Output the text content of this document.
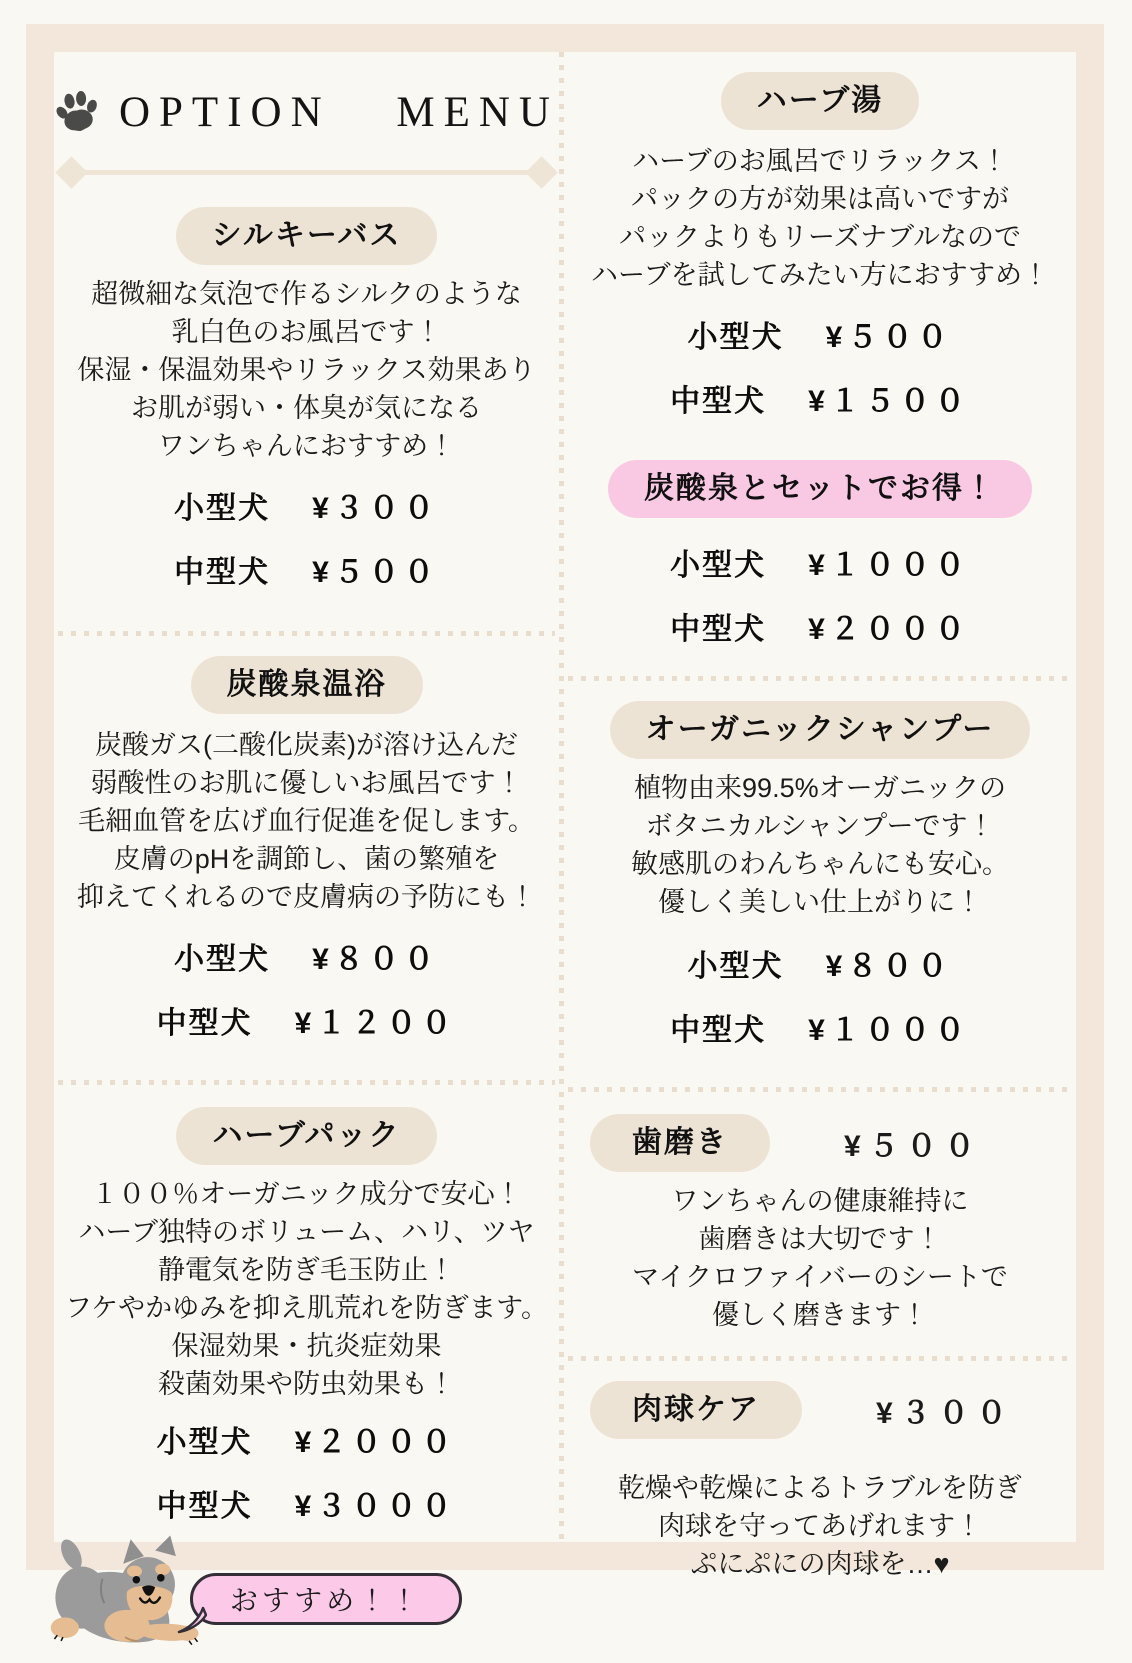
OPTION MENU
シルキーバス

超微細な気泡で作るシルクのような

乳白色のお風呂です！

保湿・保温効果やリラックス効果あり

お肌が弱い・体臭が気になる

ワンちゃんにおすすめ！

小型犬 ¥３００
中型犬 ¥５００
炭酸泉温浴

炭酸ガス(二酸化炭素)が溶け込んだ

弱酸性のお肌に優しいお風呂です！

毛細血管を広げ血行促進を促します。

皮膚のpHを調節し、菌の繁殖を

抑えてくれるので皮膚病の予防にも！

小型犬 ¥８００
中型犬 ¥１２００
ハーブパック

１００％オーガニック成分で安心！

ハーブ独特のボリューム、ハリ、ツヤ

静電気を防ぎ毛玉防止！

フケやかゆみを抑え肌荒れを防ぎます。

保湿効果・抗炎症効果

殺菌効果や防虫効果も！

小型犬 ¥２０００
中型犬 ¥３０００
おすすめ！！
ハーブ湯

ハーブのお風呂でリラックス！

パックの方が効果は高いですが

パックよりもリーズナブルなので

ハーブを試してみたい方におすすめ！

小型犬 ¥５００
中型犬 ¥１５００
炭酸泉とセットでお得！
小型犬 ¥１０００
中型犬 ¥２０００
オーガニックシャンプー

植物由来99.5%オーガニックの

ボタニカルシャンプーです！

敏感肌のわんちゃんにも安心。

優しく美しい仕上がりに！

小型犬 ¥８００
中型犬 ¥１０００
歯磨き	¥５００

ワンちゃんの健康維持に

歯磨きは大切です！

マイクロファイバーのシートで

優しく磨きます！

肉球ケア	¥３００

乾燥や乾燥によるトラブルを防ぎ

肉球を守ってあげれます！

ぷにぷにの肉球を…♥
